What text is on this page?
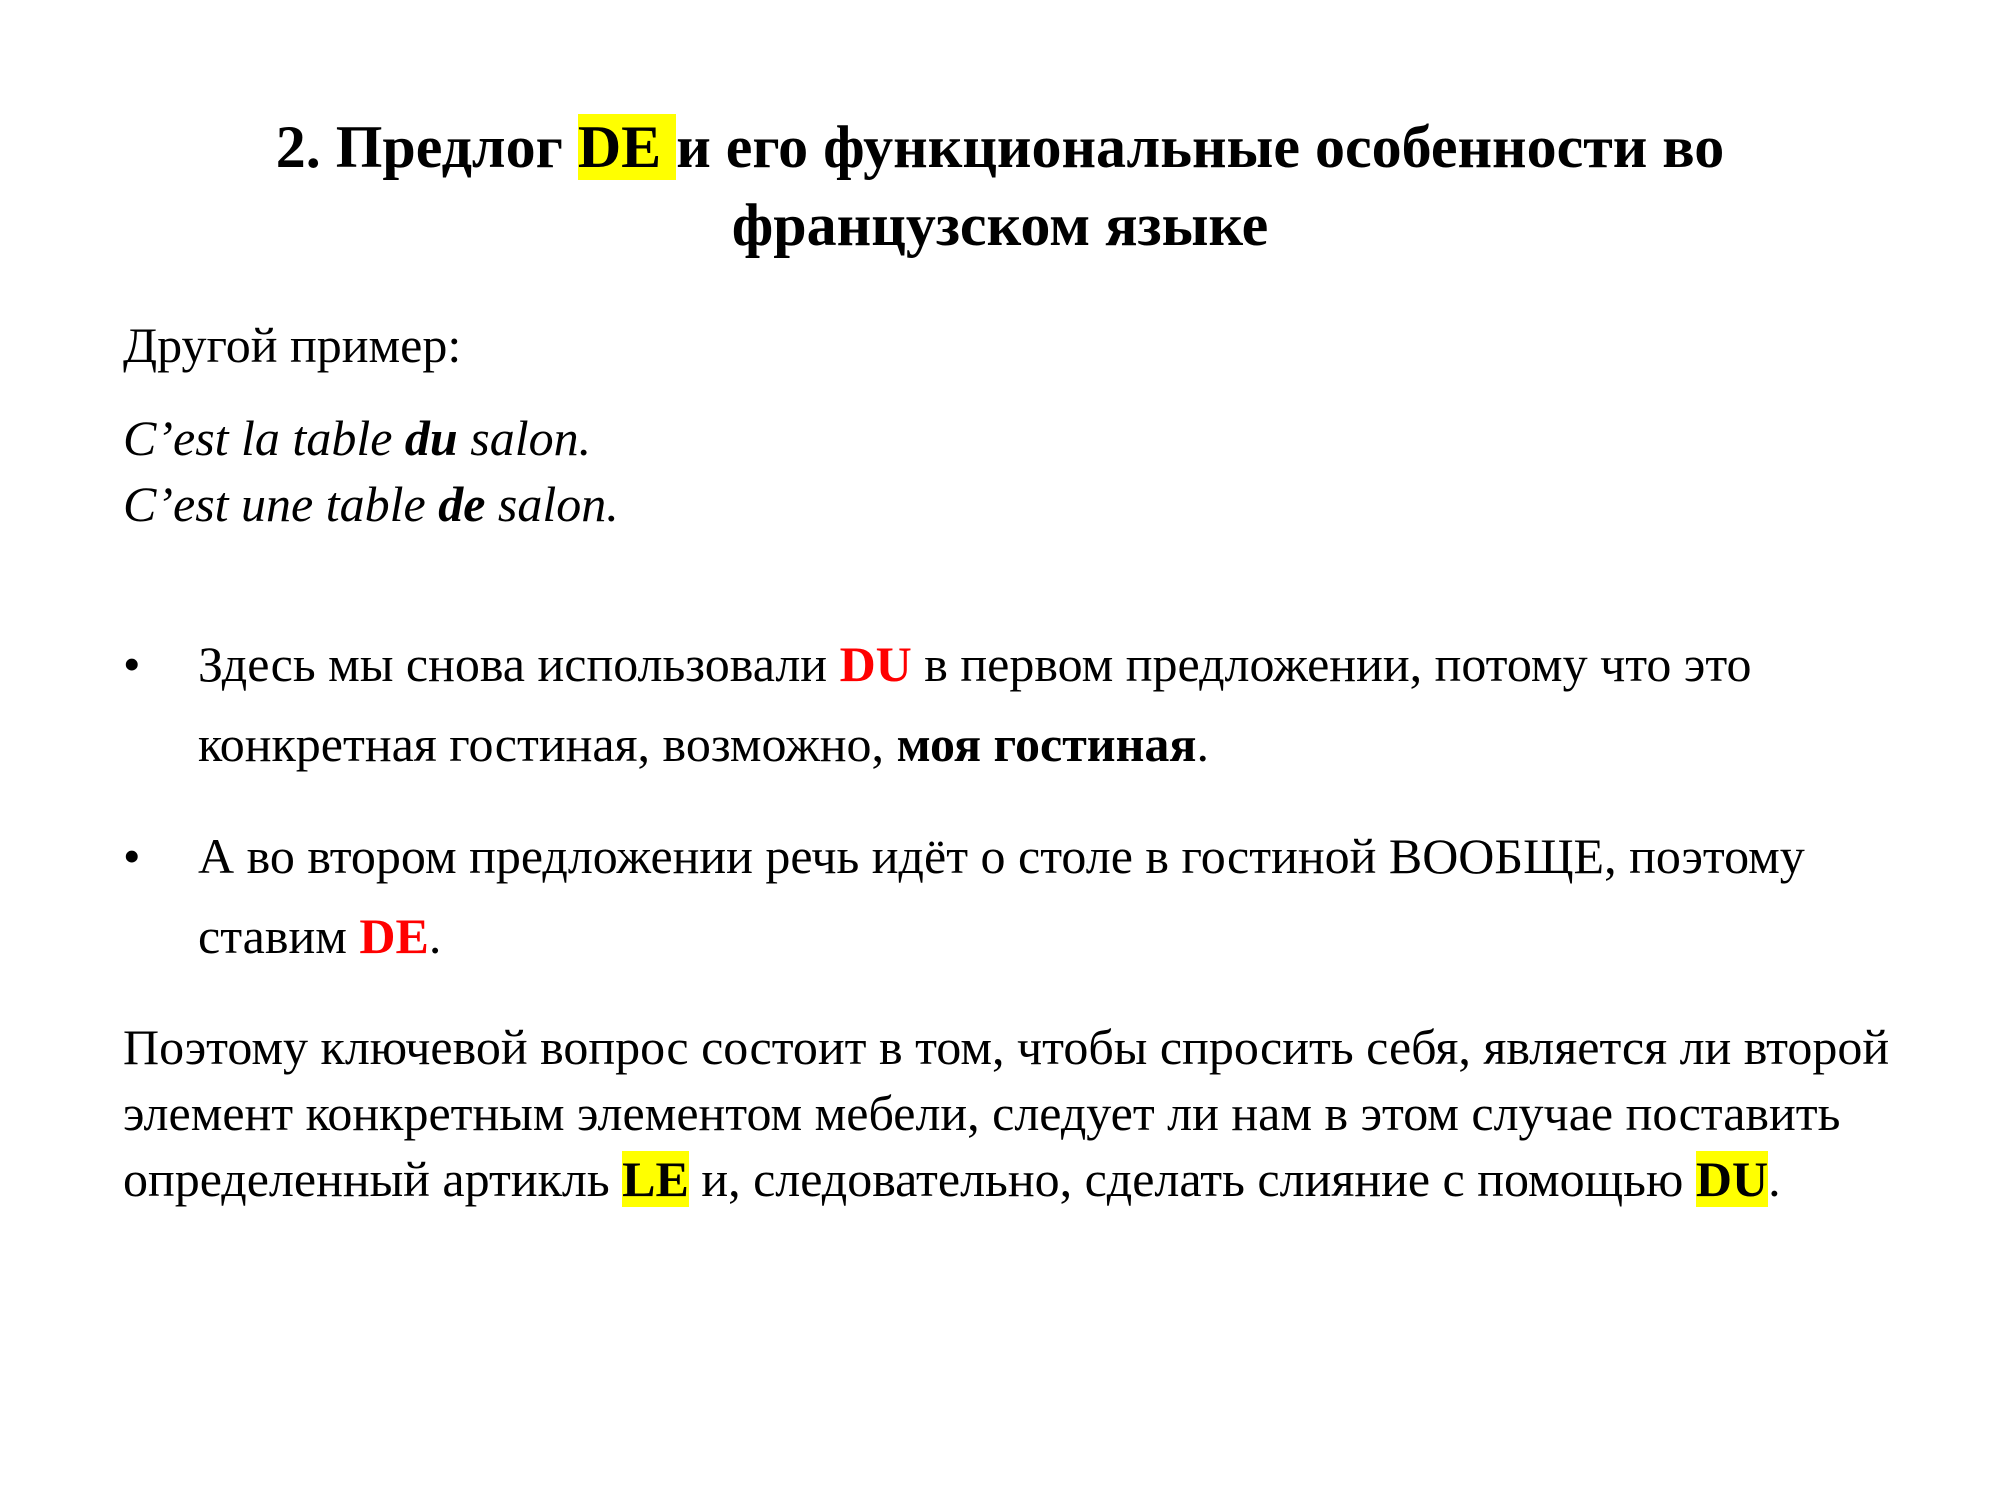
2. Предлог DE и его функциональные особенности во французском языке

Другой пример:

C’est la table du salon.
C’est une table de salon.
• Здесь мы снова использовали DU в первом предложении, потому что это конкретная гостиная, возможно, моя гостиная.
• А во втором предложении речь идёт о столе в гостиной ВООБЩЕ, поэтому ставим DE.

Поэтому ключевой вопрос состоит в том, чтобы спросить себя, является ли второй элемент конкретным элементом мебели, следует ли нам в этом случае поставить определенный артикль LE и, следовательно, сделать слияние с помощью DU.
